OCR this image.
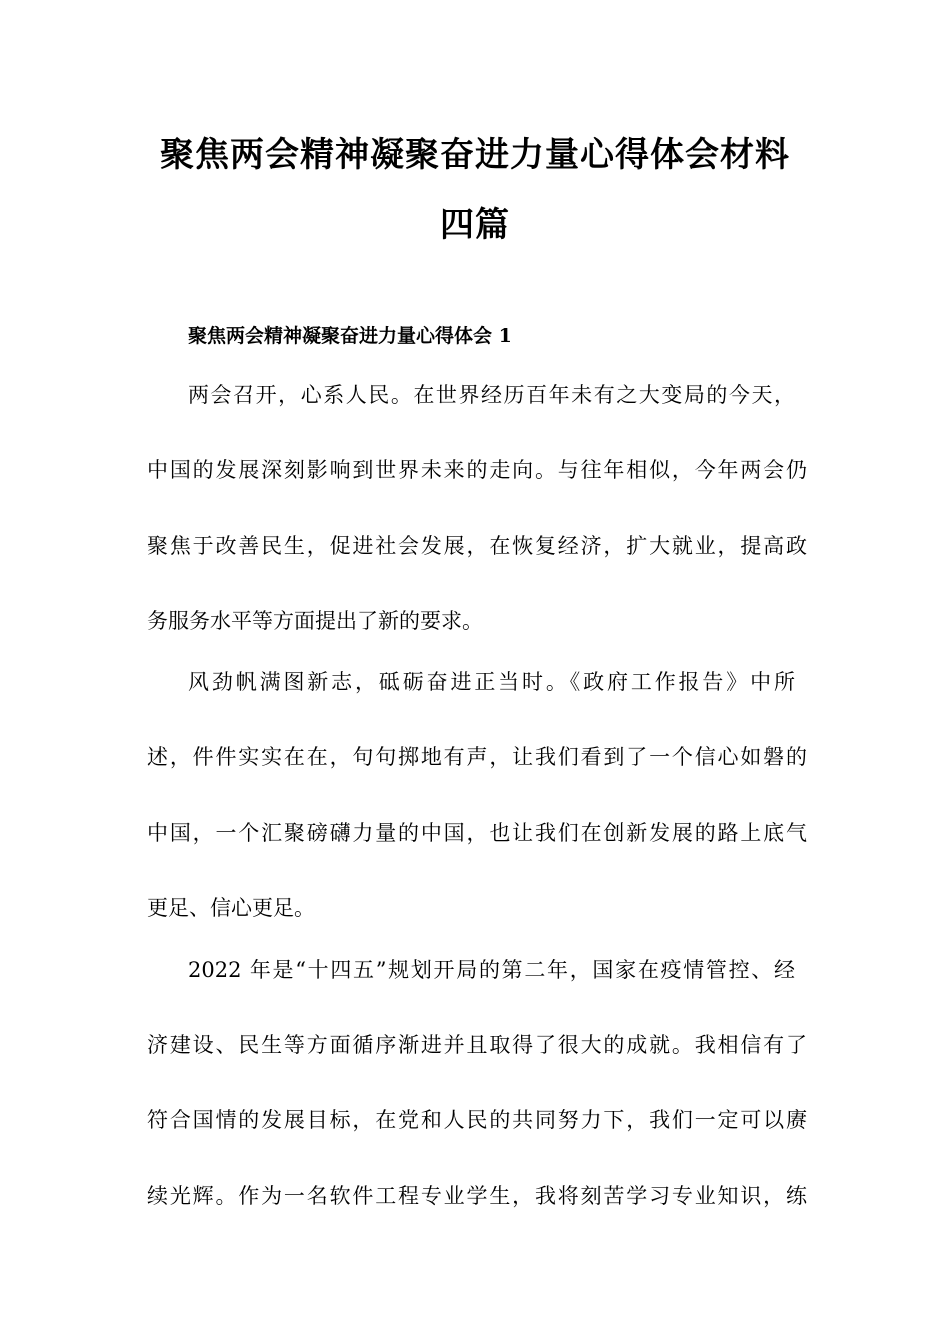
聚焦两会精神凝聚奋进力量心得体会材料
四篇
聚焦两会精神凝聚奋进力量心得体会 1

两会召开，心系人民。在世界经历百年未有之大变局的今天，

中国的发展深刻影响到世界未来的走向。与往年相似，今年两会仍

聚焦于改善民生，促进社会发展，在恢复经济，扩大就业，提高政

务服务水平等方面提出了新的要求。

风劲帆满图新志，砥砺奋进正当时。《政府工作报告》中所

述，件件实实在在，句句掷地有声，让我们看到了一个信心如磐的

中国，一个汇聚磅礴力量的中国，也让我们在创新发展的路上底气

更足、信心更足。

2022 年是“十四五”规划开局的第二年，国家在疫情管控、经

济建设、民生等方面循序渐进并且取得了很大的成就。我相信有了

符合国情的发展目标，在党和人民的共同努力下，我们一定可以赓

续光辉。作为一名软件工程专业学生，我将刻苦学习专业知识，练
